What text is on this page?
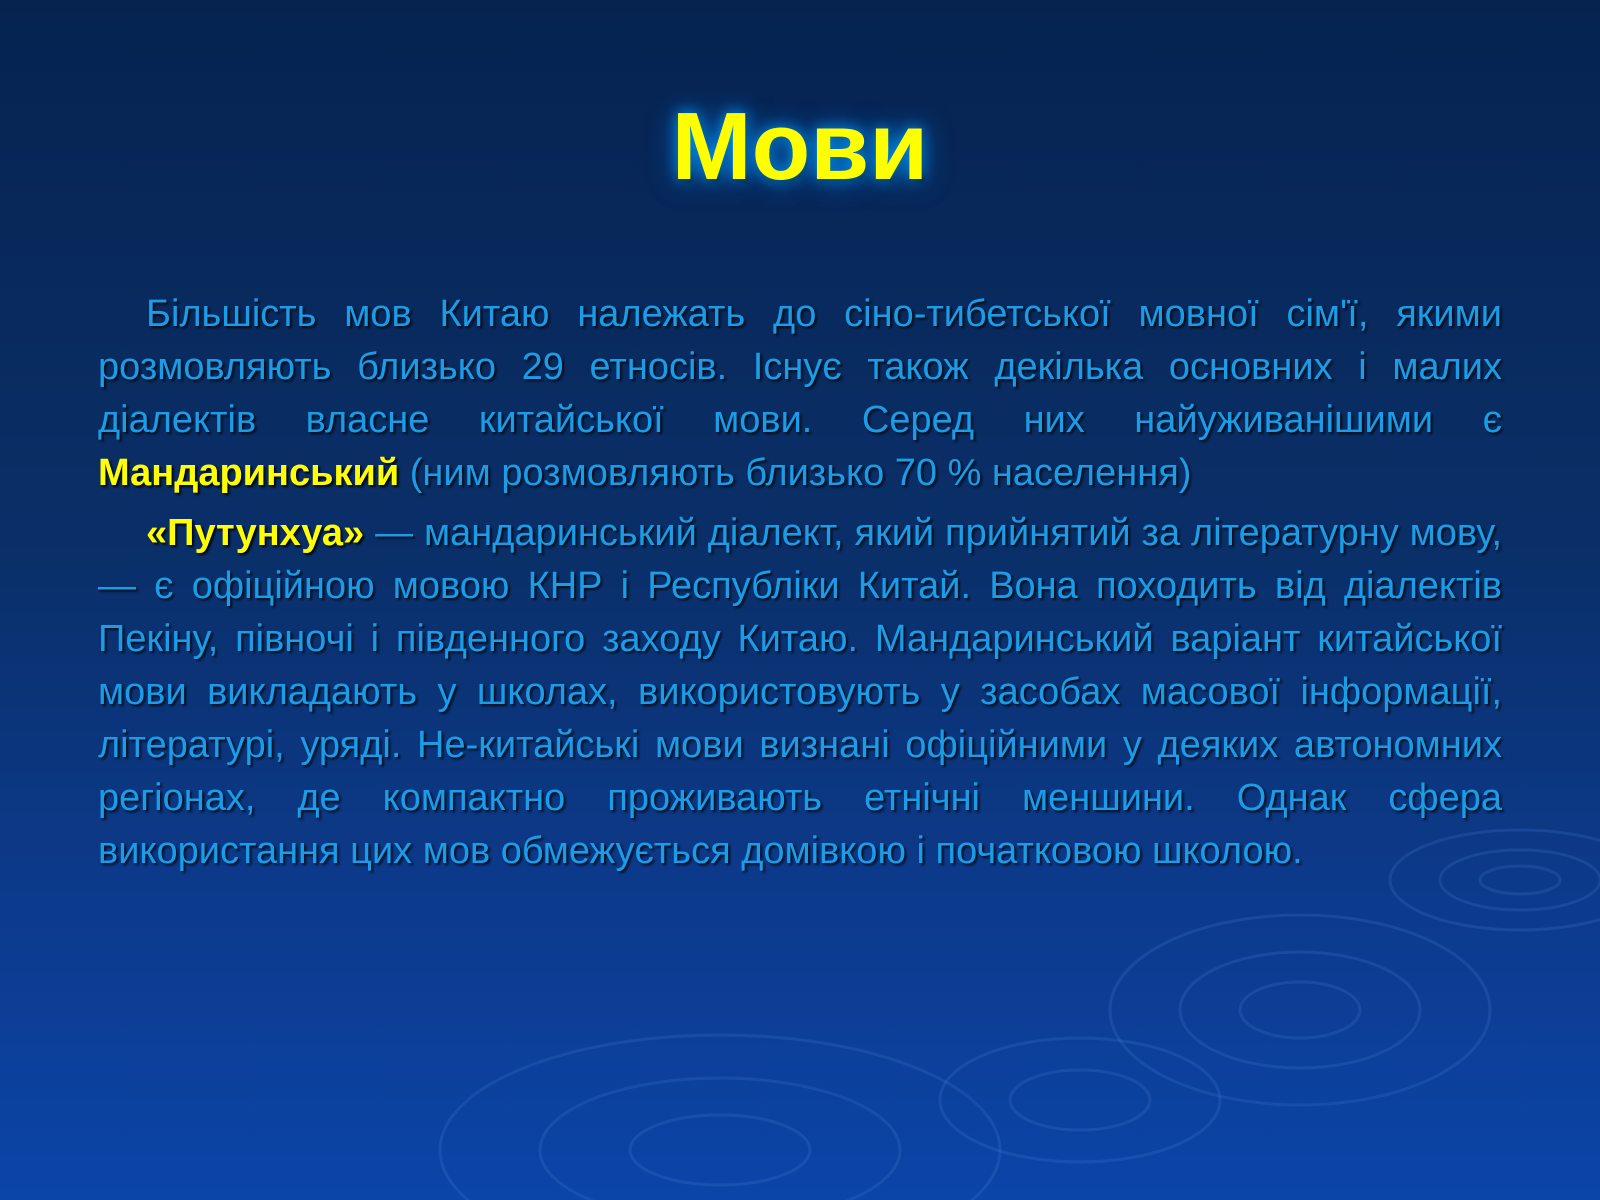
Мови

Більшість мов Китаю належать до сіно-тибетської мовної сім'ї, якими розмовляють близько 29 етносів. Існує також декілька основних і малих діалектів власне китайської мови. Серед них найуживанішими є Мандаринський (ним розмовляють близько 70 % населення)

«Путунхуа» — мандаринський діалект, який прийнятий за літературну мову, — є офіційною мовою КНР і Республіки Китай. Вона походить від діалектів Пекіну, півночі і південного заходу Китаю. Мандаринський варіант китайської мови викладають у школах, використовують у засобах масової інформації, літературі, уряді. Не-китайські мови визнані офіційними у деяких автономних регіонах, де компактно проживають етнічні меншини. Однак сфера використання цих мов обмежується домівкою і початковою школою.
